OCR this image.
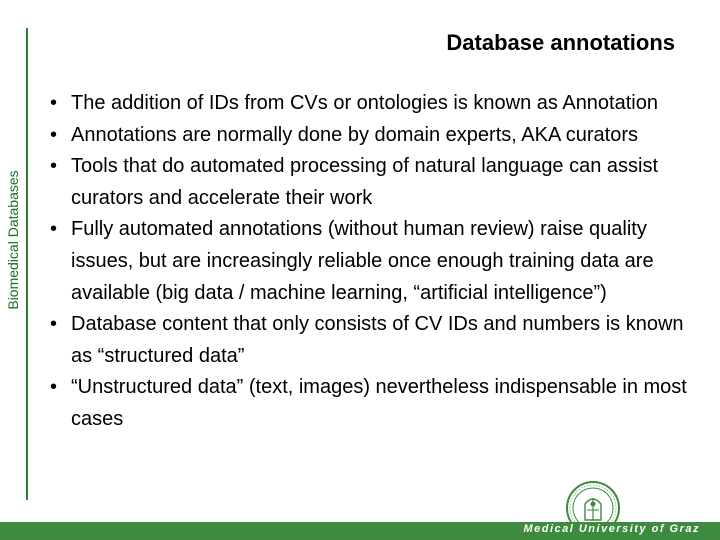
Biomedical Databases
Database annotations
• The addition of IDs from CVs or ontologies is known as Annotation
• Annotations are normally done by domain experts, AKA curators
• Tools that do automated processing of natural language can assist curators and accelerate their work
• Fully automated annotations (without human review) raise quality issues, but are increasingly reliable once enough training data are available (big data / machine learning, “artificial intelligence”)
• Database content that only consists of CV IDs and numbers is known as “structured data”
• “Unstructured data” (text, images) nevertheless indispensable in most cases
Medical University of Graz
